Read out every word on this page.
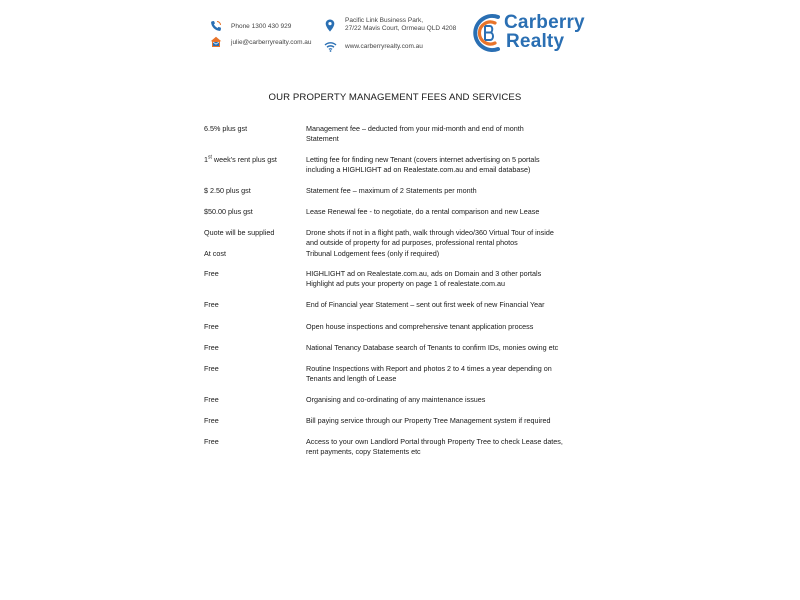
Phone 1300 430 929
julie@carberryrealty.com.au
Pacific Link Business Park,
27/22 Mavis Court, Ormeau QLD 4208
www.carberryrealty.com.au
Carberry
Realty
OUR PROPERTY MANAGEMENT FEES AND SERVICES
6.5% plus gst	Management fee – deducted from your mid-month and end of month
Statement
1st week’s rent plus gst	Letting fee for finding new Tenant (covers internet advertising on 5 portals
including a HIGHLIGHT ad on Realestate.com.au and email database)
$ 2.50 plus gst	Statement fee – maximum of 2 Statements per month
$50.00 plus gst	Lease Renewal fee - to negotiate, do a rental comparison and new Lease
Quote will be supplied	Drone shots if not in a flight path, walk through video/360 Virtual Tour of inside
and outside of property for ad purposes, professional rental photos
At cost	Tribunal Lodgement fees (only if required)
Free	HIGHLIGHT ad on Realestate.com.au, ads on Domain and 3 other portals
Highlight ad puts your property on page 1 of realestate.com.au
Free	End of Financial year Statement – sent out first week of new Financial Year
Free	Open house inspections and comprehensive tenant application process
Free	National Tenancy Database search of Tenants to confirm IDs, monies owing etc
Free	Routine Inspections with Report and photos 2 to 4 times a year depending on
Tenants and length of Lease
Free	Organising and co-ordinating of any maintenance issues
Free	Bill paying service through our Property Tree Management system if required
Free	Access to your own Landlord Portal through Property Tree to check Lease dates,
rent payments, copy Statements etc
